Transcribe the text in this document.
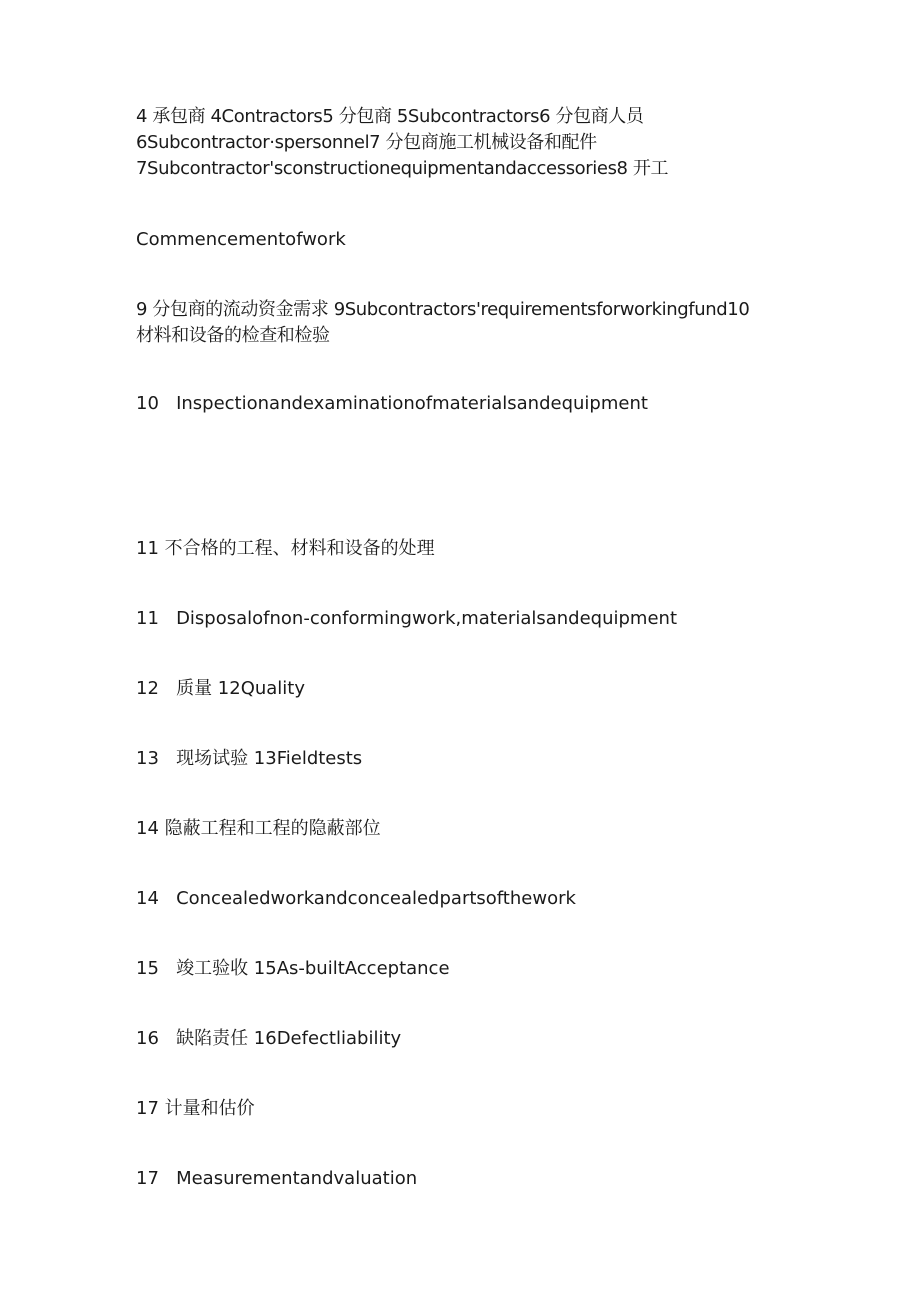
4 承包商 4Contractors5 分包商 5Subcontractors6 分包商人员
6Subcontractor·spersonnel7 分包商施工机械设备和配件
7Subcontractor'sconstructionequipmentandaccessories8 开工
Commencementofwork
9 分包商的流动资金需求 9Subcontractors'requirementsforworkingfund10
材料和设备的检查和检验
10   Inspectionandexaminationofmaterialsandequipment
11 不合格的工程、材料和设备的处理
11   Disposalofnon-conformingwork,materialsandequipment
12   质量 12Quality
13   现场试验 13Fieldtests
14 隐蔽工程和工程的隐蔽部位
14   Concealedworkandconcealedpartsofthework
15   竣工验收 15As-builtAcceptance
16   缺陷责任 16Defectliability
17 计量和估价
17   Measurementandvaluation
